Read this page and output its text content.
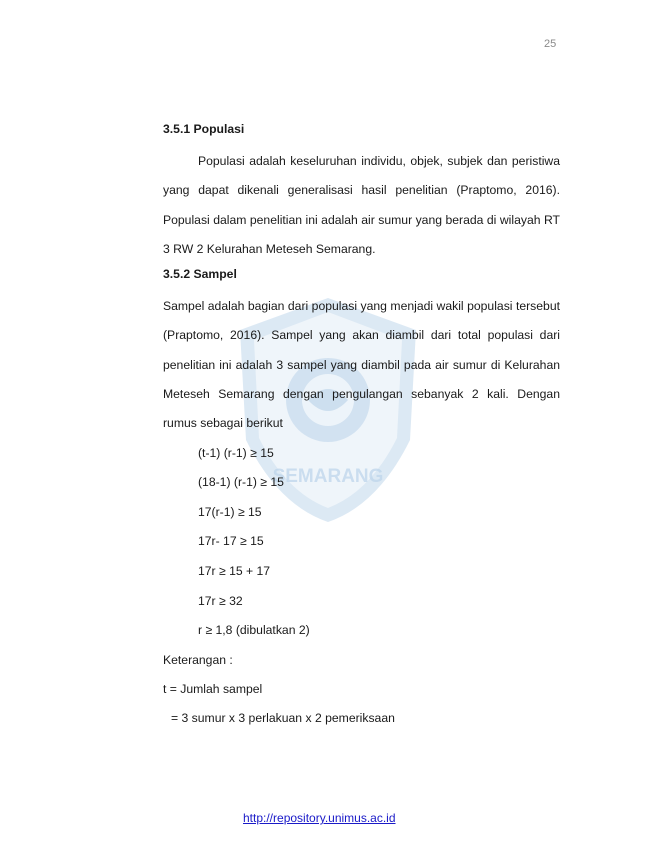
25
SEMARANG
3.5.1 Populasi

Populasi adalah keseluruhan individu, objek, subjek dan peristiwa yang dapat dikenali generalisasi hasil penelitian (Praptomo, 2016). Populasi dalam penelitian ini adalah air sumur yang berada di wilayah RT 3 RW 2 Kelurahan Meteseh Semarang.

3.5.2 Sampel

Sampel adalah bagian dari populasi yang menjadi wakil populasi tersebut (Praptomo, 2016). Sampel yang akan diambil dari total populasi dari penelitian ini adalah 3 sampel yang diambil pada air sumur di Kelurahan Meteseh Semarang dengan pengulangan sebanyak 2 kali. Dengan rumus sebagai berikut

(t-1) (r-1) ≥ 15

(18-1) (r-1) ≥ 15

17(r-1) ≥ 15

17r- 17 ≥ 15

17r ≥ 15 + 17

17r ≥ 32

r ≥ 1,8 (dibulatkan 2)

Keterangan :

t = Jumlah sampel

= 3 sumur x 3 perlakuan x 2 pemeriksaan

http://repository.unimus.ac.id
